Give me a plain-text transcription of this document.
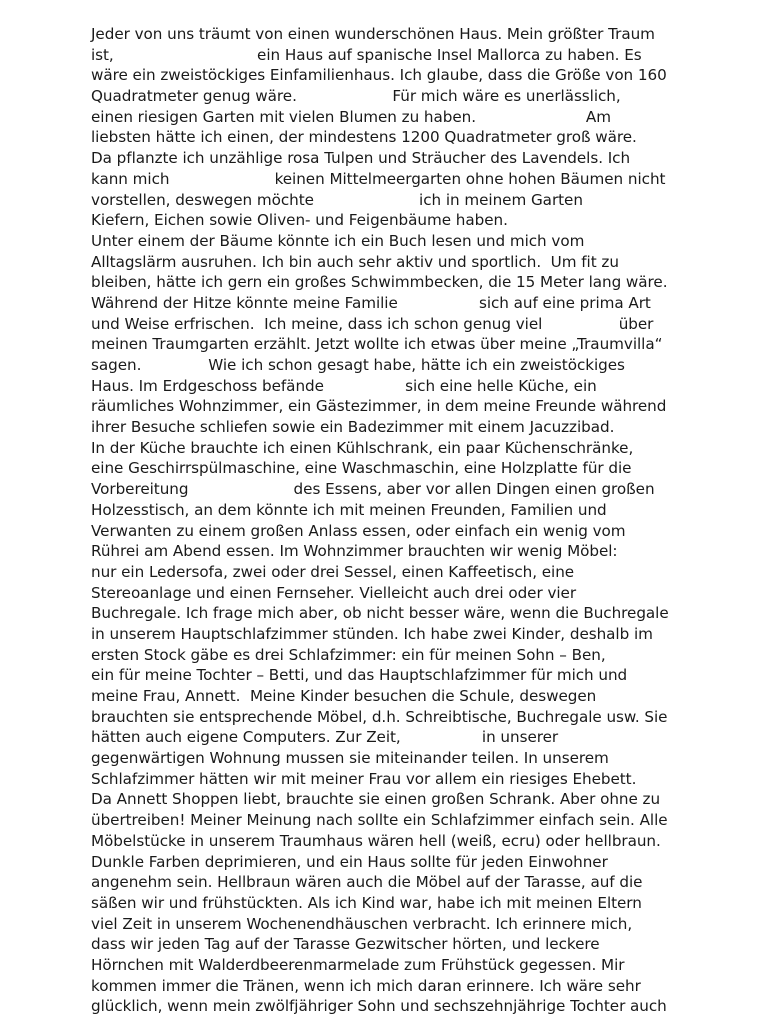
Jeder von uns träumt von einen wunderschönen Haus. Mein größter Traum
ist,                              ein Haus auf spanische Insel Mallorca zu haben. Es
wäre ein zweistöckiges Einfamilienhaus. Ich glaube, dass die Größe von 160
Quadratmeter genug wäre.                    Für mich wäre es unerlässlich,
einen riesigen Garten mit vielen Blumen zu haben.                       Am
liebsten hätte ich einen, der mindestens 1200 Quadratmeter groß wäre.
Da pflanzte ich unzählige rosa Tulpen und Sträucher des Lavendels. Ich
kann mich                      keinen Mittelmeergarten ohne hohen Bäumen nicht
vorstellen, deswegen möchte                      ich in meinem Garten
Kiefern, Eichen sowie Oliven- und Feigenbäume haben.
Unter einem der Bäume könnte ich ein Buch lesen und mich vom
Alltagslärm ausruhen. Ich bin auch sehr aktiv und sportlich.  Um fit zu
bleiben, hätte ich gern ein großes Schwimmbecken, die 15 Meter lang wäre.
Während der Hitze könnte meine Familie                 sich auf eine prima Art
und Weise erfrischen.  Ich meine, dass ich schon genug viel                über
meinen Traumgarten erzählt. Jetzt wollte ich etwas über meine „Traumvilla“
sagen.              Wie ich schon gesagt habe, hätte ich ein zweistöckiges
Haus. Im Erdgeschoss befände                 sich eine helle Küche, ein
räumliches Wohnzimmer, ein Gästezimmer, in dem meine Freunde während
ihrer Besuche schliefen sowie ein Badezimmer mit einem Jacuzzibad.
In der Küche brauchte ich einen Kühlschrank, ein paar Küchenschränke,
eine Geschirrspülmaschine, eine Waschmaschin, eine Holzplatte für die
Vorbereitung                      des Essens, aber vor allen Dingen einen großen
Holzesstisch, an dem könnte ich mit meinen Freunden, Familien und
Verwanten zu einem großen Anlass essen, oder einfach ein wenig vom
Rührei am Abend essen. Im Wohnzimmer brauchten wir wenig Möbel:
nur ein Ledersofa, zwei oder drei Sessel, einen Kaffeetisch, eine
Stereoanlage und einen Fernseher. Vielleicht auch drei oder vier
Buchregale. Ich frage mich aber, ob nicht besser wäre, wenn die Buchregale
in unserem Hauptschlafzimmer stünden. Ich habe zwei Kinder, deshalb im
ersten Stock gäbe es drei Schlafzimmer: ein für meinen Sohn – Ben,
ein für meine Tochter – Betti, und das Hauptschlafzimmer für mich und
meine Frau, Annett.  Meine Kinder besuchen die Schule, deswegen
brauchten sie entsprechende Möbel, d.h. Schreibtische, Buchregale usw. Sie
hätten auch eigene Computers. Zur Zeit,                 in unserer
gegenwärtigen Wohnung mussen sie miteinander teilen. In unserem
Schlafzimmer hätten wir mit meiner Frau vor allem ein riesiges Ehebett.
Da Annett Shoppen liebt, brauchte sie einen großen Schrank. Aber ohne zu
übertreiben! Meiner Meinung nach sollte ein Schlafzimmer einfach sein. Alle
Möbelstücke in unserem Traumhaus wären hell (weiß, ecru) oder hellbraun.
Dunkle Farben deprimieren, und ein Haus sollte für jeden Einwohner
angenehm sein. Hellbraun wären auch die Möbel auf der Tarasse, auf die
säßen wir und frühstückten. Als ich Kind war, habe ich mit meinen Eltern
viel Zeit in unserem Wochenendhäuschen verbracht. Ich erinnere mich,
dass wir jeden Tag auf der Tarasse Gezwitscher hörten, und leckere
Hörnchen mit Walderdbeerenmarmelade zum Frühstück gegessen. Mir
kommen immer die Tränen, wenn ich mich daran erinnere. Ich wäre sehr
glücklich, wenn mein zwölfjähriger Sohn und sechszehnjährige Tochter auch
